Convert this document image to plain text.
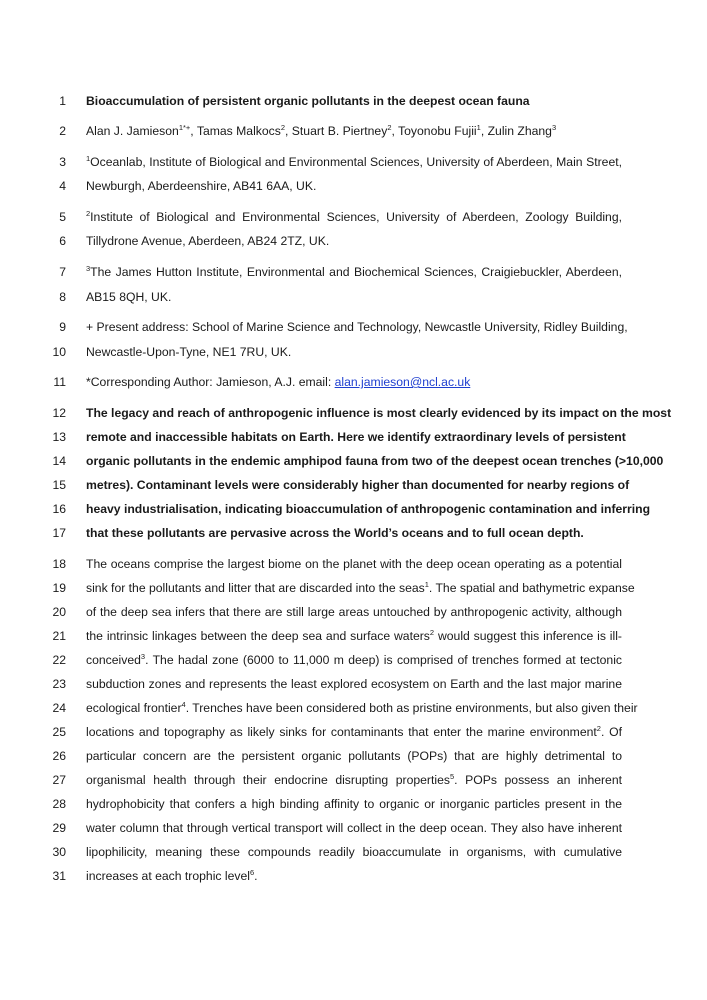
1 Bioaccumulation of persistent organic pollutants in the deepest ocean fauna
2 Alan J. Jamieson$^{1*+}$, Tamas Malkocs$^2$, Stuart B. Piertney$^2$, Toyonobu Fujii$^1$, Zulin Zhang$^3$
3	$^1$Oceanlab, Institute of Biological and Environmental Sciences, University of Aberdeen, Main Street,
4 Newburgh, Aberdeenshire, AB41 6AA, UK.
5	$^2$Institute of Biological and Environmental Sciences, University of Aberdeen, Zoology Building,
6 Tillydrone Avenue, Aberdeen, AB24 2TZ, UK.
7	$^3$The James Hutton Institute, Environmental and Biochemical Sciences, Craigiebuckler, Aberdeen,
8 AB15 8QH, UK.
9 + Present address: School of Marine Science and Technology, Newcastle University, Ridley Building,
10 Newcastle-Upon-Tyne, NE1 7RU, UK.
11 *Corresponding Author: Jamieson, A.J. email: alan.jamieson@ncl.ac.uk
12 The legacy and reach of anthropogenic influence is most clearly evidenced by its impact on the most
13 remote and inaccessible habitats on Earth. Here we identify extraordinary levels of persistent
14 organic pollutants in the endemic amphipod fauna from two of the deepest ocean trenches (>10,000
15 metres). Contaminant levels were considerably higher than documented for nearby regions of
16 heavy industrialisation, indicating bioaccumulation of anthropogenic contamination and inferring
17 that these pollutants are pervasive across the World’s oceans and to full ocean depth.
18 The oceans comprise the largest biome on the planet with the deep ocean operating as a potential
19 sink for the pollutants and litter that are discarded into the seas$^1$. The spatial and bathymetric expanse
20 of the deep sea infers that there are still large areas untouched by anthropogenic activity, although
21 the intrinsic linkages between the deep sea and surface waters$^2$ would suggest this inference is ill-
22 conceived$^3$. The hadal zone (6000 to 11,000 m deep) is comprised of trenches formed at tectonic
23 subduction zones and represents the least explored ecosystem on Earth and the last major marine
24 ecological frontier$^4$. Trenches have been considered both as pristine environments, but also given their
25 locations and topography as likely sinks for contaminants that enter the marine environment$^2$. Of
26 particular concern are the persistent organic pollutants (POPs) that are highly detrimental to
27 organismal health through their endocrine disrupting properties$^5$. POPs possess an inherent
28 hydrophobicity that confers a high binding affinity to organic or inorganic particles present in the
29 water column that through vertical transport will collect in the deep ocean. They also have inherent
30 lipophilicity, meaning these compounds readily bioaccumulate in organisms, with cumulative
31 increases at each trophic level$^6$.
